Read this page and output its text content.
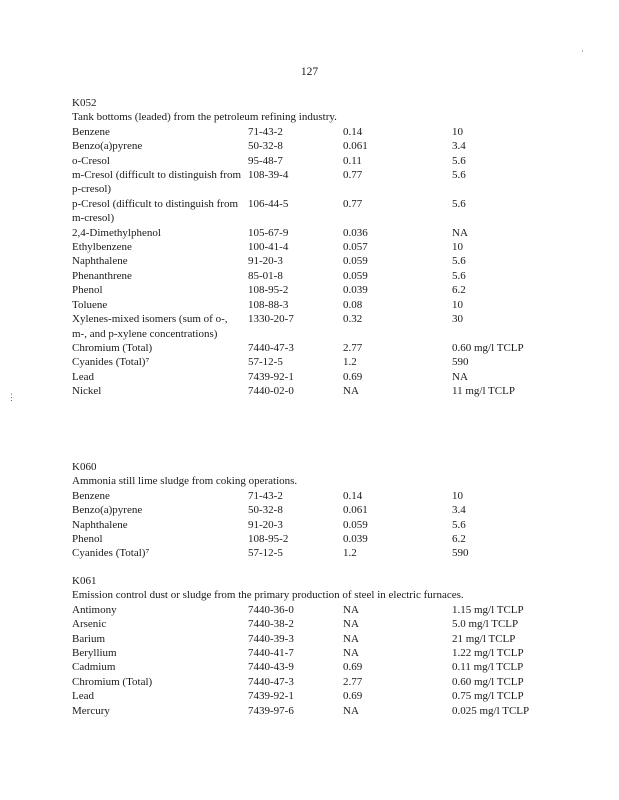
127
·
⋮
K052
Tank bottoms (leaded) from the petroleum refining industry.
Benzene	71-43-2	0.14	10
Benzo(a)pyrene	50-32-8	0.061	3.4
o-Cresol	95-48-7	0.11	5.6
m-Cresol (difficult to distinguish from p-cresol)
108-39-4	0.77	5.6
p-Cresol (difficult to distinguish from m-cresol)
106-44-5	0.77	5.6
2,4-Dimethylphenol	105-67-9	0.036	NA
Ethylbenzene	100-41-4	0.057	10
Naphthalene	91-20-3	0.059	5.6
Phenanthrene	85-01-8	0.059	5.6
Phenol	108-95-2	0.039	6.2
Toluene	108-88-3	0.08	10
Xylenes-mixed isomers (sum of o-, m-, and p-xylene concentrations)
1330-20-7	0.32	30
Chromium (Total)	7440-47-3	2.77	0.60 mg/l TCLP
Cyanides (Total)⁷	57-12-5	1.2	590
Lead	7439-92-1	0.69	NA
Nickel	7440-02-0	NA	11 mg/l TCLP
K060
Ammonia still lime sludge from coking operations.
Benzene	71-43-2	0.14	10
Benzo(a)pyrene	50-32-8	0.061	3.4
Naphthalene	91-20-3	0.059	5.6
Phenol	108-95-2	0.039	6.2
Cyanides (Total)⁷	57-12-5	1.2	590
K061
Emission control dust or sludge from the primary production of steel in electric furnaces.
Antimony	7440-36-0	NA	1.15 mg/l TCLP
Arsenic	7440-38-2	NA	5.0 mg/l TCLP
Barium	7440-39-3	NA	21 mg/l TCLP
Beryllium	7440-41-7	NA	1.22 mg/l TCLP
Cadmium	7440-43-9	0.69	0.11 mg/l TCLP
Chromium (Total)	7440-47-3	2.77	0.60 mg/l TCLP
Lead	7439-92-1	0.69	0.75 mg/l TCLP
Mercury	7439-97-6	NA	0.025 mg/l TCLP
